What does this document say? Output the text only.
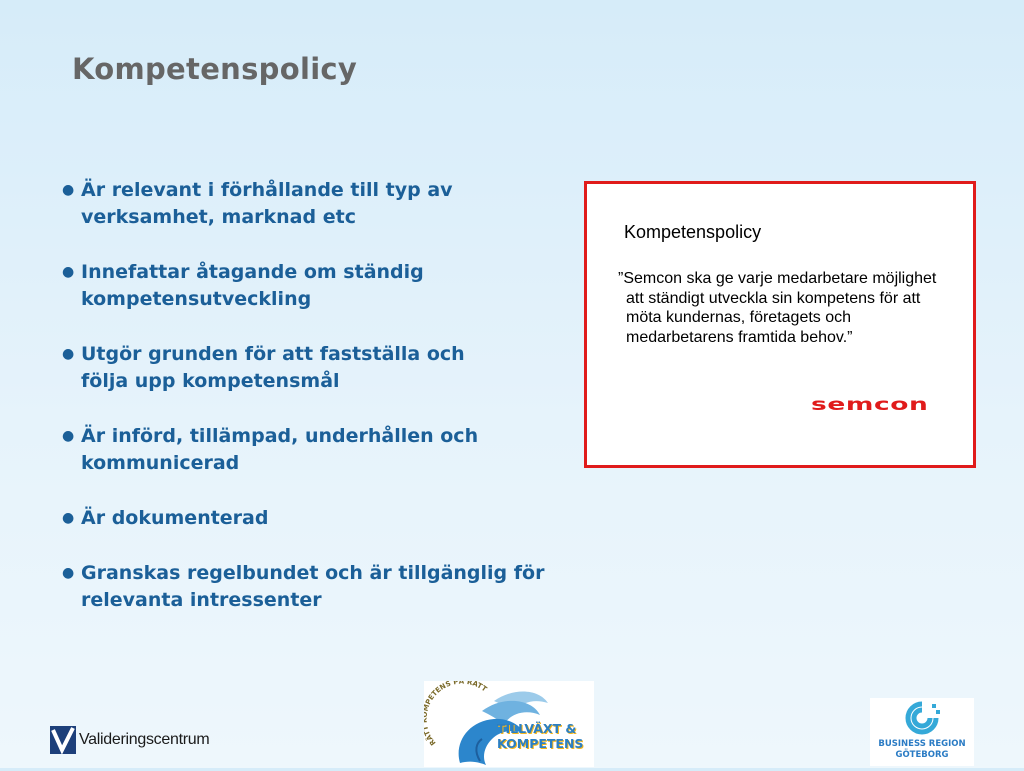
Kompetenspolicy
● Är relevant i förhållande till typ av
verksamhet, marknad etc
● Innefattar åtagande om ständig
kompetensutveckling
● Utgör grunden för att fastställa och
följa upp kompetensmål
● Är införd, tillämpad, underhållen och
kommunicerad
● Är dokumenterad
● Granskas regelbundet och är tillgänglig för
relevanta intressenter
Kompetenspolicy
”Semcon ska ge varje medarbetare möjlighet att ständigt utveckla sin kompetens för att möta kundernas, företagets och medarbetarens framtida behov.”
semcon
Valideringscentrum	RÄ PETENS PÅ RÄTT
TILLVÄXT &
KOMPETENS	BUSINESS REGION
GÖTEBORG
